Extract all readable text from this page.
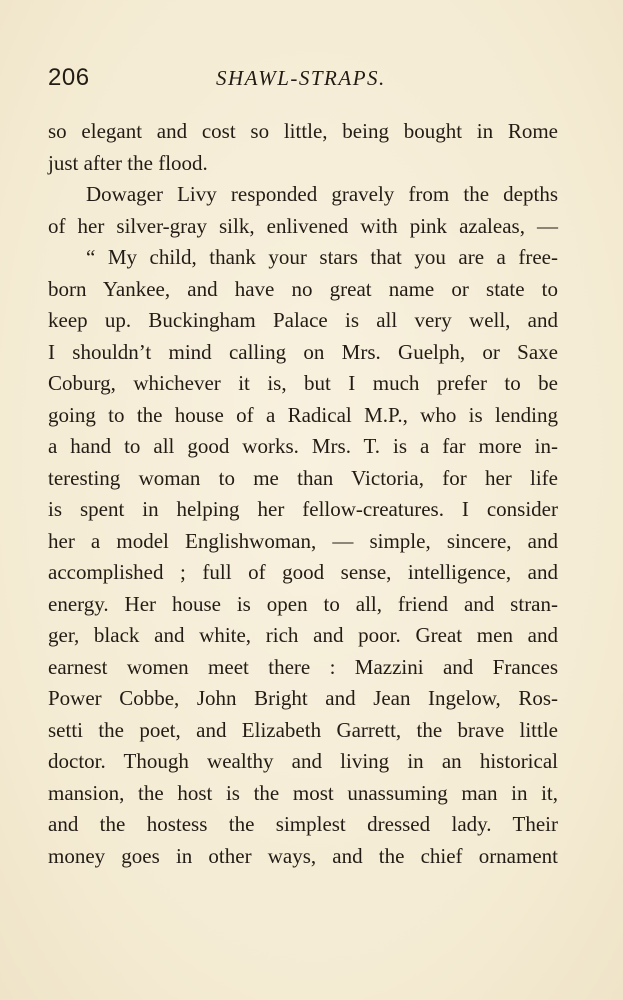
206	SHAWL-STRAPS.
so elegant and cost so little, being bought in Rome
just after the flood.
Dowager Livy responded gravely from the depths
of her silver-gray silk, enlivened with pink azaleas, —
“ My child, thank your stars that you are a free-
born Yankee, and have no great name or state to
keep up. Buckingham Palace is all very well, and
I shouldn’t mind calling on Mrs. Guelph, or Saxe
Coburg, whichever it is, but I much prefer to be
going to the house of a Radical M.P., who is lending
a hand to all good works. Mrs. T. is a far more in-
teresting woman to me than Victoria, for her life
is spent in helping her fellow-creatures. I consider
her a model Englishwoman, — simple, sincere, and
accomplished ; full of good sense, intelligence, and
energy. Her house is open to all, friend and stran-
ger, black and white, rich and poor. Great men and
earnest women meet there : Mazzini and Frances
Power Cobbe, John Bright and Jean Ingelow, Ros-
setti the poet, and Elizabeth Garrett, the brave little
doctor. Though wealthy and living in an historical
mansion, the host is the most unassuming man in it,
and the hostess the simplest dressed lady. Their
money goes in other ways, and the chief ornament
